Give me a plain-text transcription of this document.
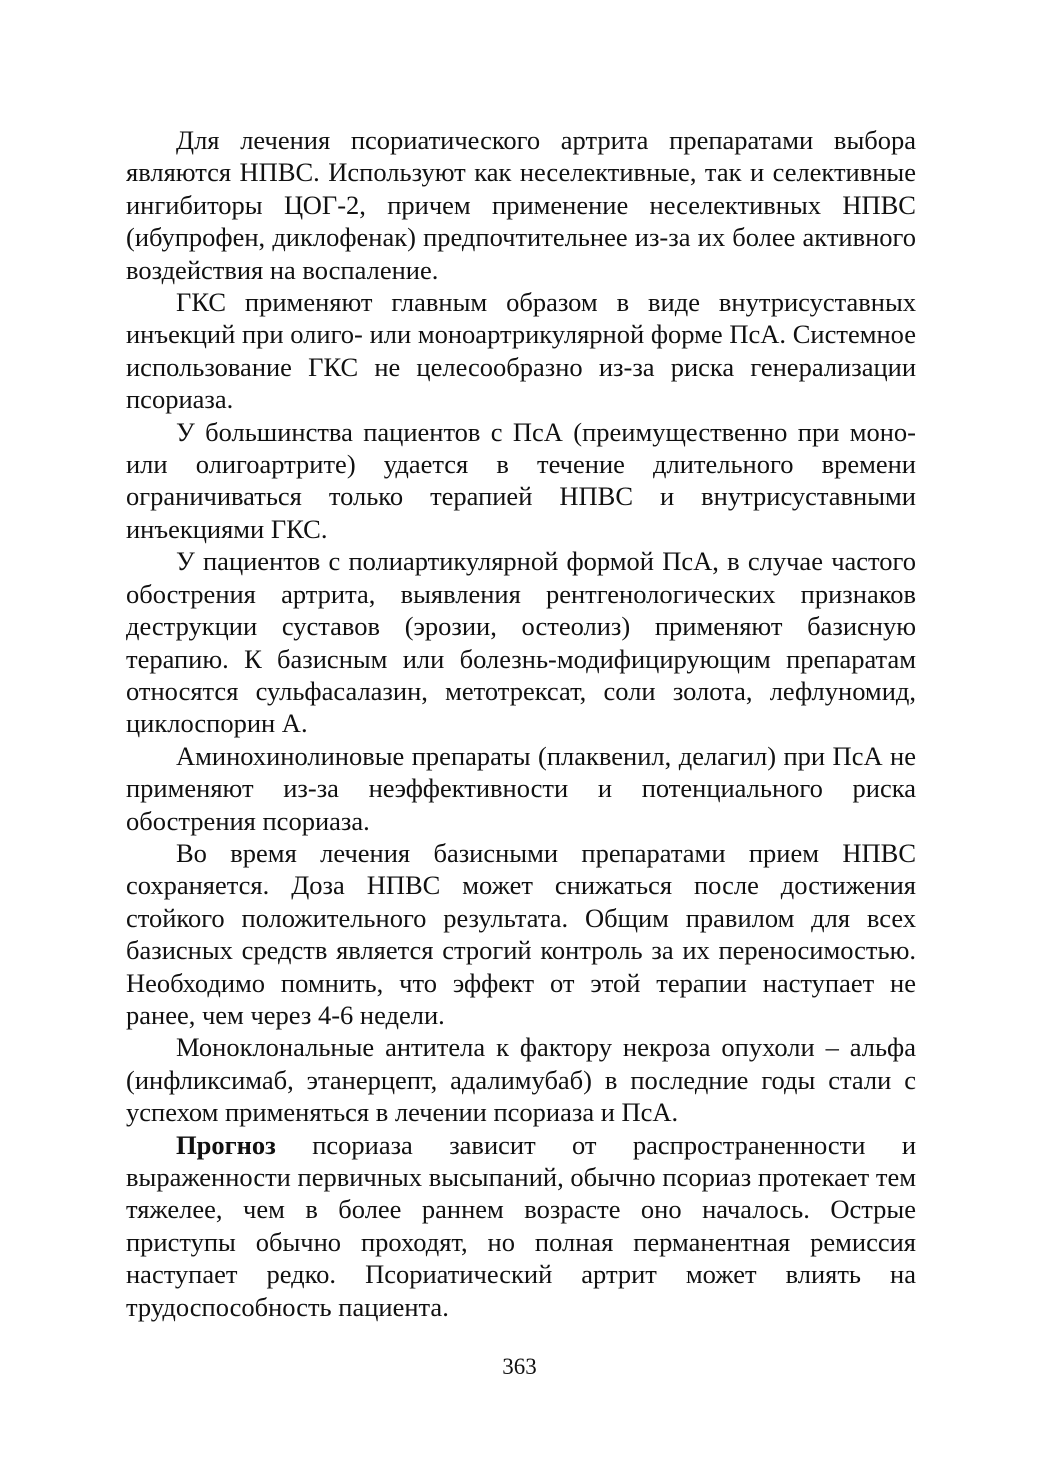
Для лечения псориатического артрита препаратами выбора являются НПВС. Используют как неселективные, так и селективные ингибиторы ЦОГ-2, причем применение неселективных НПВС (ибупрофен, диклофенак) предпочтительнее из-за их более активного воздействия на воспаление.

ГКС применяют главным образом в виде внутрисуставных инъекций при олиго- или моноартрикулярной форме ПсА. Системное использование ГКС не целесообразно из-за риска генерализации псориаза.

У большинства пациентов с ПсА (преимущественно при моно- или олигоартрите) удается в течение длительного времени ограничиваться только терапией НПВС и внутрисуставными инъекциями ГКС.

У пациентов с полиартикулярной формой ПсА, в случае частого обострения артрита, выявления рентгенологических признаков деструкции суставов (эрозии, остеолиз) применяют базисную терапию. К базисным или болезнь-модифицирующим препаратам относятся сульфасалазин, метотрексат, соли золота, лефлуномид, циклоспорин А.

Аминохинолиновые препараты (плаквенил, делагил) при ПсА не применяют из-за неэффективности и потенциального риска обострения псориаза.

Во время лечения базисными препаратами прием НПВС сохраняется. Доза НПВС может снижаться после достижения стойкого положительного результата. Общим правилом для всех базисных средств является строгий контроль за их переносимостью. Необходимо помнить, что эффект от этой терапии наступает не ранее, чем через 4-6 недели.

Моноклональные антитела к фактору некроза опухоли – альфа (инфликсимаб, этанерцепт, адалимубаб) в последние годы стали с успехом применяться в лечении псориаза и ПсА.

Прогноз псориаза зависит от распространенности и выраженности первичных высыпаний, обычно псориаз протекает тем тяжелее, чем в более раннем возрасте оно началось. Острые приступы обычно проходят, но полная перманентная ремиссия наступает редко. Псориатический артрит может влиять на трудоспособность пациента.

363
